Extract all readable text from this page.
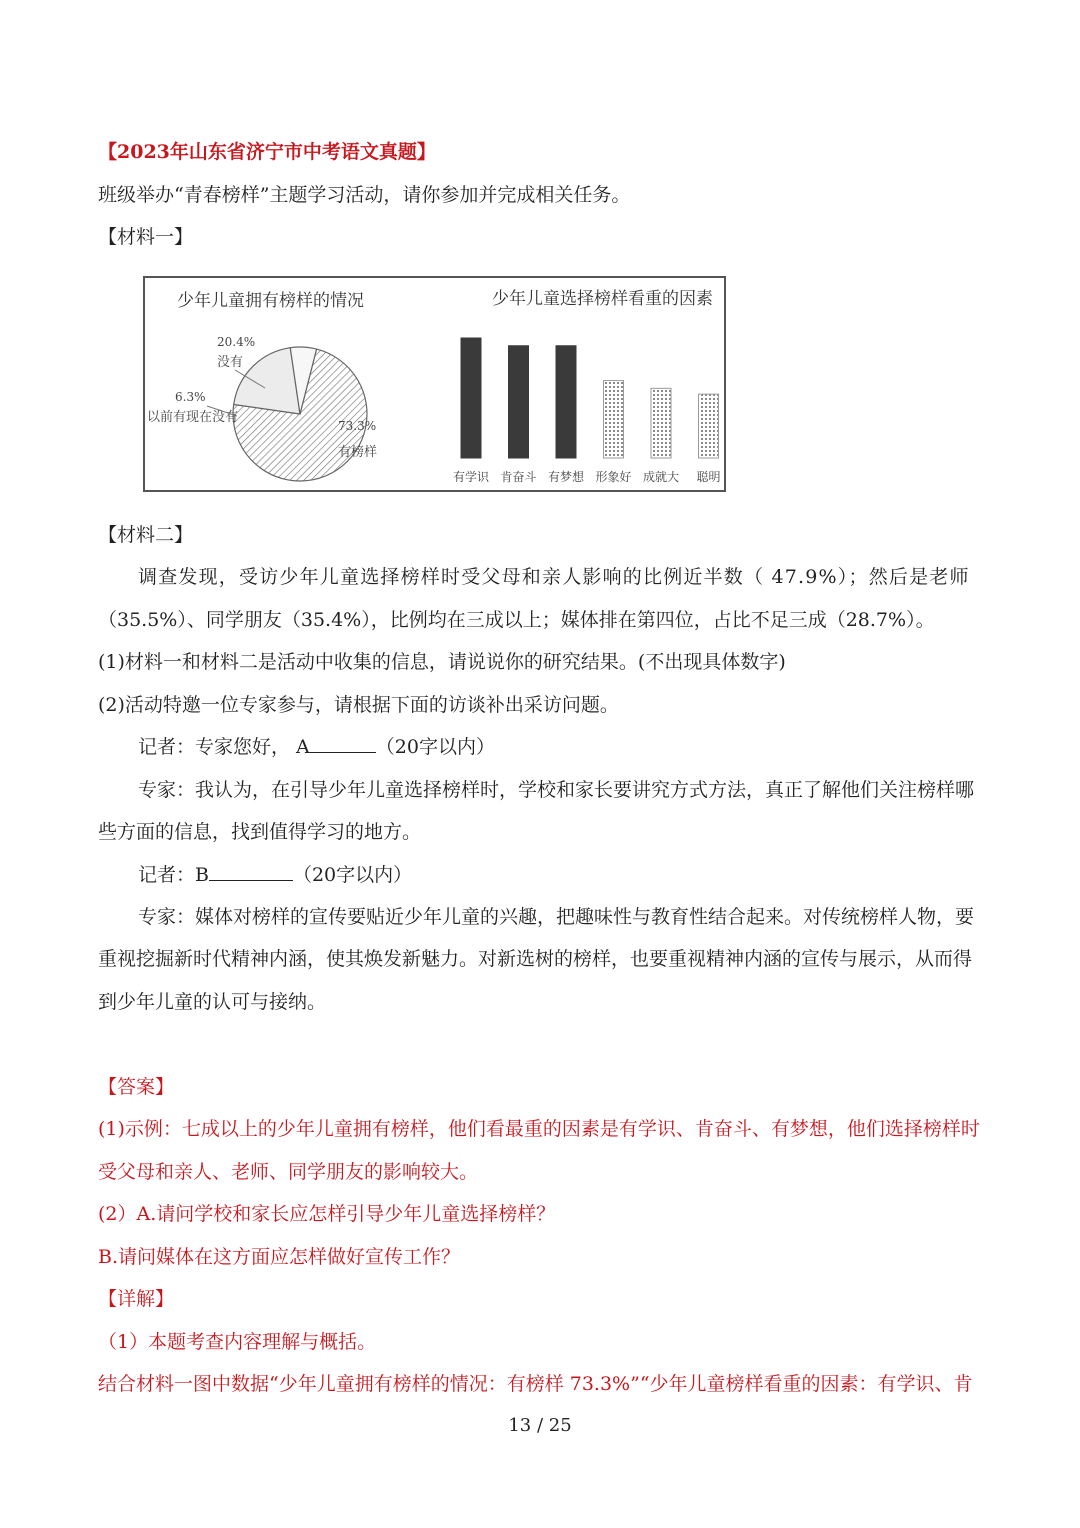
【2023年山东省济宁市中考语文真题】
班级举办“青春榜样”主题学习活动，请你参加并完成相关任务。
【材料一】
少年儿童拥有榜样的情况
73.3%
有榜样
20.4%
没有
6.3%
以前有现在没有
少年儿童选择榜样看重的因素
有学识 肯奋斗 有梦想 形象好 成就大 聪明
【材料二】
调查发现，受访少年儿童选择榜样时受父母和亲人影响的比例近半数（ 47.9%）；然后是老师
（35.5%）、同学朋友（35.4%），比例均在三成以上；媒体排在第四位，占比不足三成（28.7%）。
(1)材料一和材料二是活动中收集的信息，请说说你的研究结果。(不出现具体数字)
(2)活动特邀一位专家参与，请根据下面的访谈补出采访问题。
记者：专家您好， A	（20字以内）
专家：我认为，在引导少年儿童选择榜样时，学校和家长要讲究方式方法，真正了解他们关注榜样哪
些方面的信息，找到值得学习的地方。
记者：B	（20字以内）
专家：媒体对榜样的宣传要贴近少年儿童的兴趣，把趣味性与教育性结合起来。对传统榜样人物，要
重视挖掘新时代精神内涵，使其焕发新魅力。对新选树的榜样，也要重视精神内涵的宣传与展示，从而得
到少年儿童的认可与接纳。
【答案】
(1)示例：七成以上的少年儿童拥有榜样，他们看最重的因素是有学识、肯奋斗、有梦想，他们选择榜样时
受父母和亲人、老师、同学朋友的影响较大。
(2）A.请问学校和家长应怎样引导少年儿童选择榜样？
B.请问媒体在这方面应怎样做好宣传工作？
【详解】
（1）本题考查内容理解与概括。
结合材料一图中数据“少年儿童拥有榜样的情况：有榜样 73.3%”“少年儿童榜样看重的因素：有学识、肯
13 / 25
